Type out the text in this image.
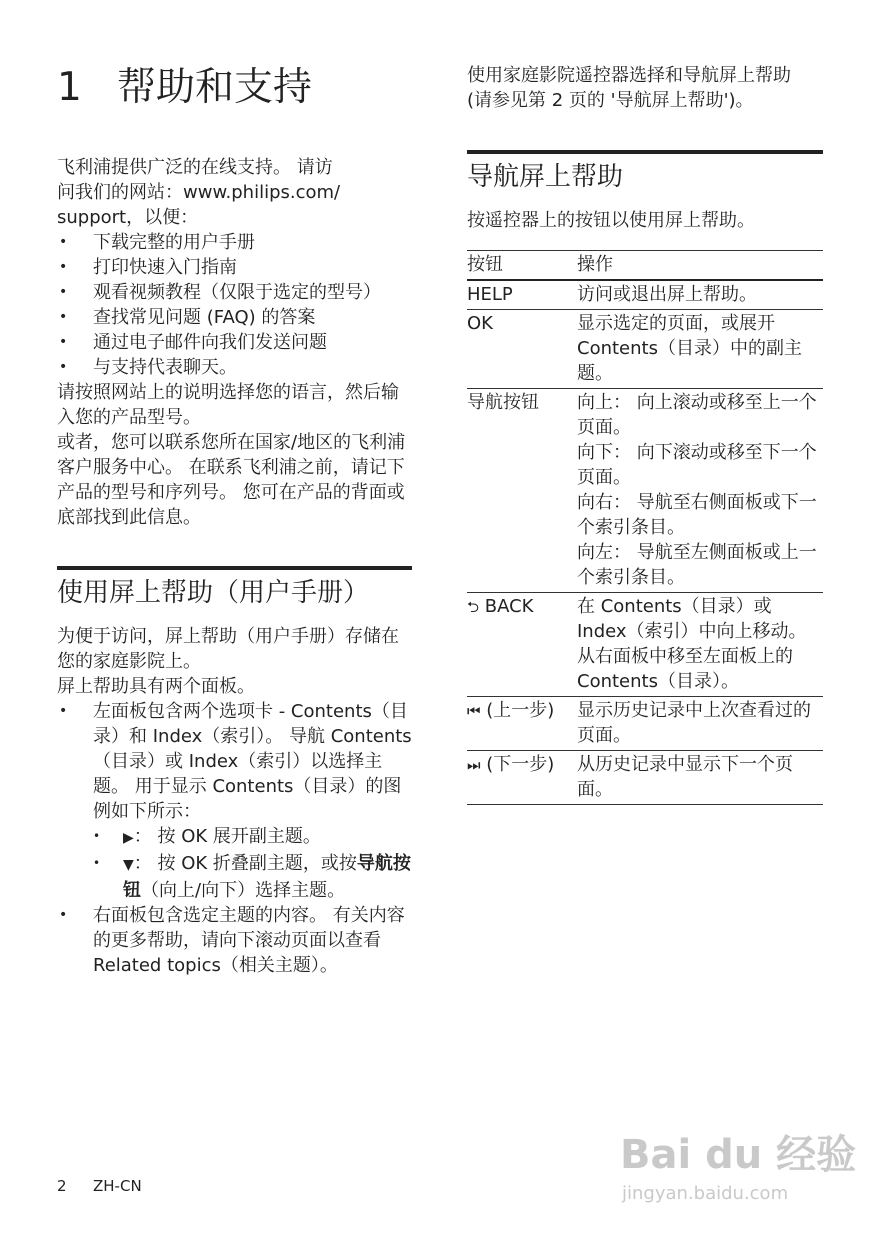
1 帮助和支持
飞利浦提供广泛的在线支持。 请访
问我们的网站：www.philips.com/
support，以便：
• 下载完整的用户手册
• 打印快速入门指南
• 观看视频教程（仅限于选定的型号）
• 查找常见问题 (FAQ) 的答案
• 通过电子邮件向我们发送问题
• 与支持代表聊天。

请按照网站上的说明选择您的语言，然后输入您的产品型号。

或者，您可以联系您所在国家/地区的飞利浦客户服务中心。 在联系飞利浦之前，请记下产品的型号和序列号。 您可在产品的背面或底部找到此信息。

使用屏上帮助（用户手册）

为便于访问，屏上帮助（用户手册）存储在您的家庭影院上。

屏上帮助具有两个面板。

• 左面板包含两个选项卡 - Contents（目录）和 Index（索引）。 导航 Contents（目录）或 Index（索引）以选择主题。 用于显示 Contents（目录）的图例如下所示：
• ▶： 按 OK 展开副主题。
• ▼： 按 OK 折叠副主题，或按导航按钮（向上/向下）选择主题。
• 右面板包含选定主题的内容。 有关内容的更多帮助，请向下滚动页面以查看 Related topics（相关主题）。

使用家庭影院遥控器选择和导航屏上帮助 (请参见第 2 页的 '导航屏上帮助')。

导航屏上帮助

按遥控器上的按钮以使用屏上帮助。

按钮	操作
HELP	访问或退出屏上帮助。

OK	显示选定的页面，或展开 Contents（目录）中的副主题。

导航按钮	向上： 向上滚动或移至上一个页面。
向下： 向下滚动或移至下一个页面。
向右： 导航至右侧面板或下一个索引条目。
向左： 导航至左侧面板或上一个索引条目。

⮌ BACK	在 Contents（目录）或 Index（索引）中向上移动。
从右面板中移至左面板上的 Contents（目录）。

⏮ (上一步)	显示历史记录中上次查看过的页面。

⏭ (下一步)	从历史记录中显示下一个页面。
2 ZH-CN
Bai du 经验
jingyan.baidu.com
